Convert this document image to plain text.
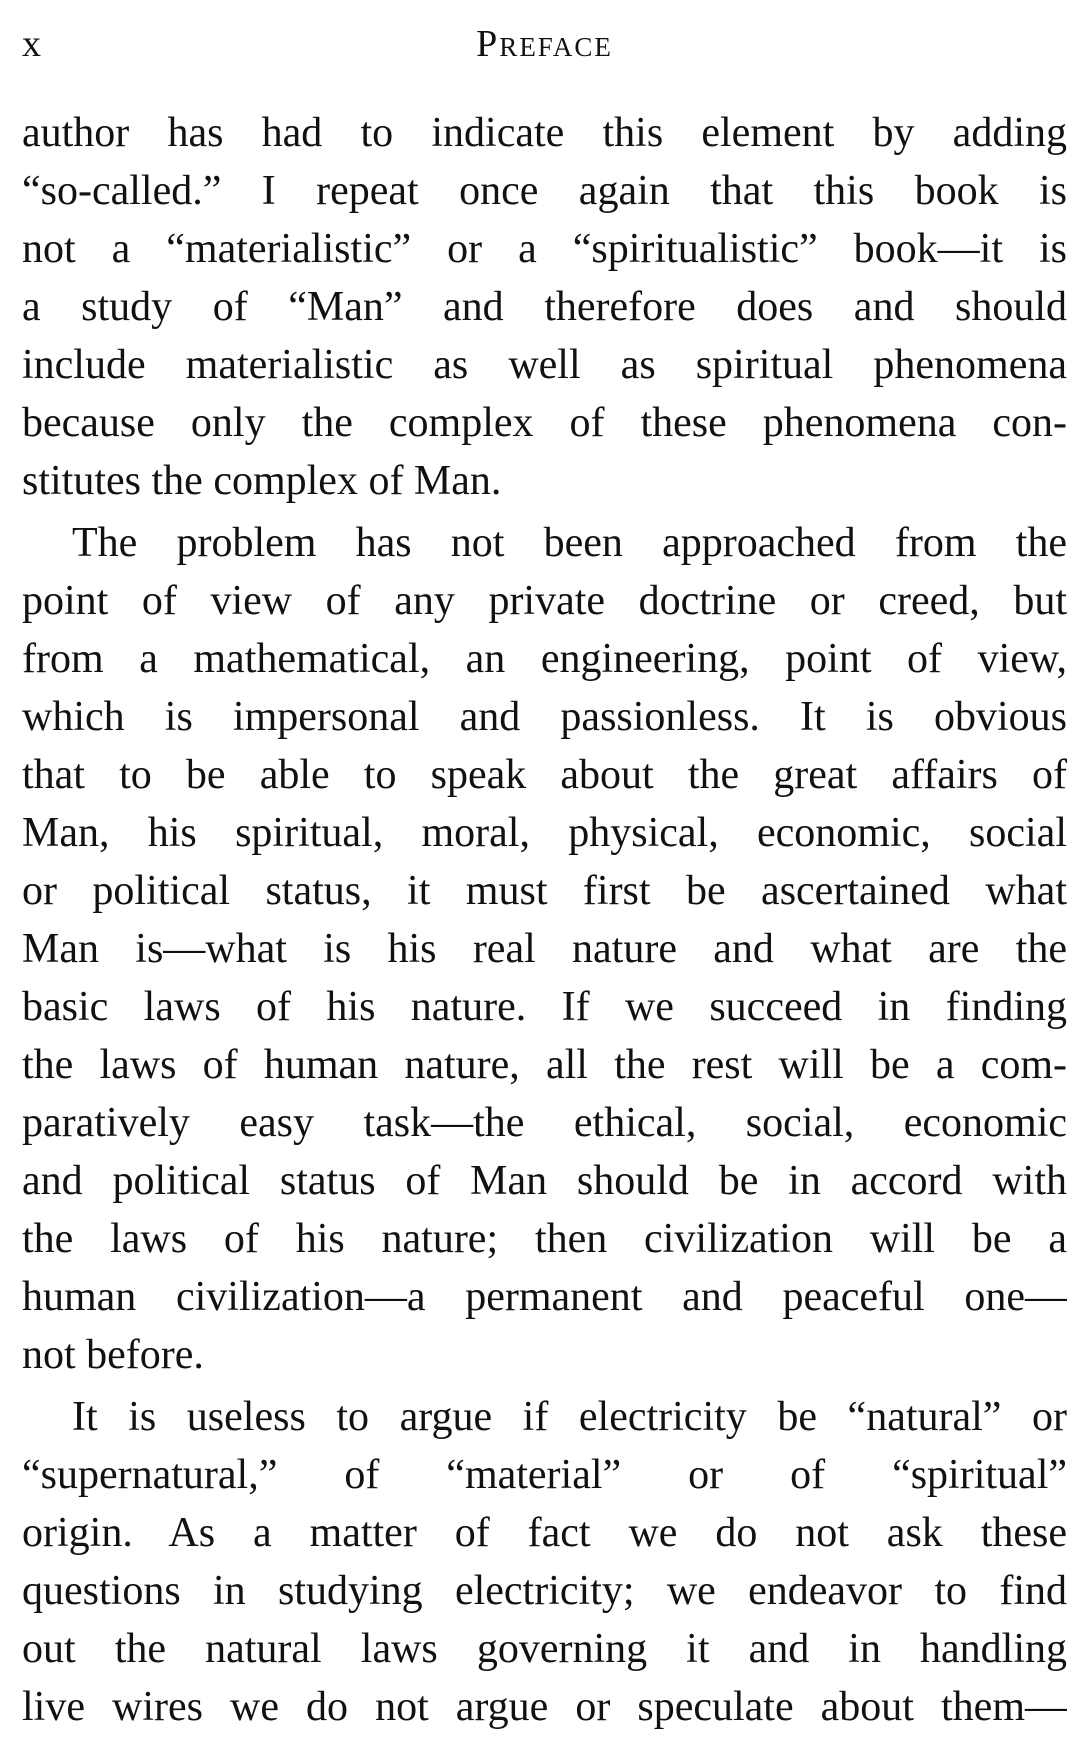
x	Preface
author has had to indicate this element by adding
“so-called.” I repeat once again that this book is
not a “materialistic” or a “spiritualistic” book—it is
a study of “Man” and therefore does and should
include materialistic as well as spiritual phenomena
because only the complex of these phenomena con-
stitutes the complex of Man.
The problem has not been approached from the
point of view of any private doctrine or creed, but
from a mathematical, an engineering, point of view,
which is impersonal and passionless. It is obvious
that to be able to speak about the great affairs of
Man, his spiritual, moral, physical, economic, social
or political status, it must first be ascertained what
Man is—what is his real nature and what are the
basic laws of his nature. If we succeed in finding
the laws of human nature, all the rest will be a com-
paratively easy task—the ethical, social, economic
and political status of Man should be in accord with
the laws of his nature; then civilization will be a
human civilization—a permanent and peaceful one—
not before.
It is useless to argue if electricity be “natural” or
“supernatural,” of “material” or of “spiritual”
origin. As a matter of fact we do not ask these
questions in studying electricity; we endeavor to find
out the natural laws governing it and in handling
live wires we do not argue or speculate about them—
